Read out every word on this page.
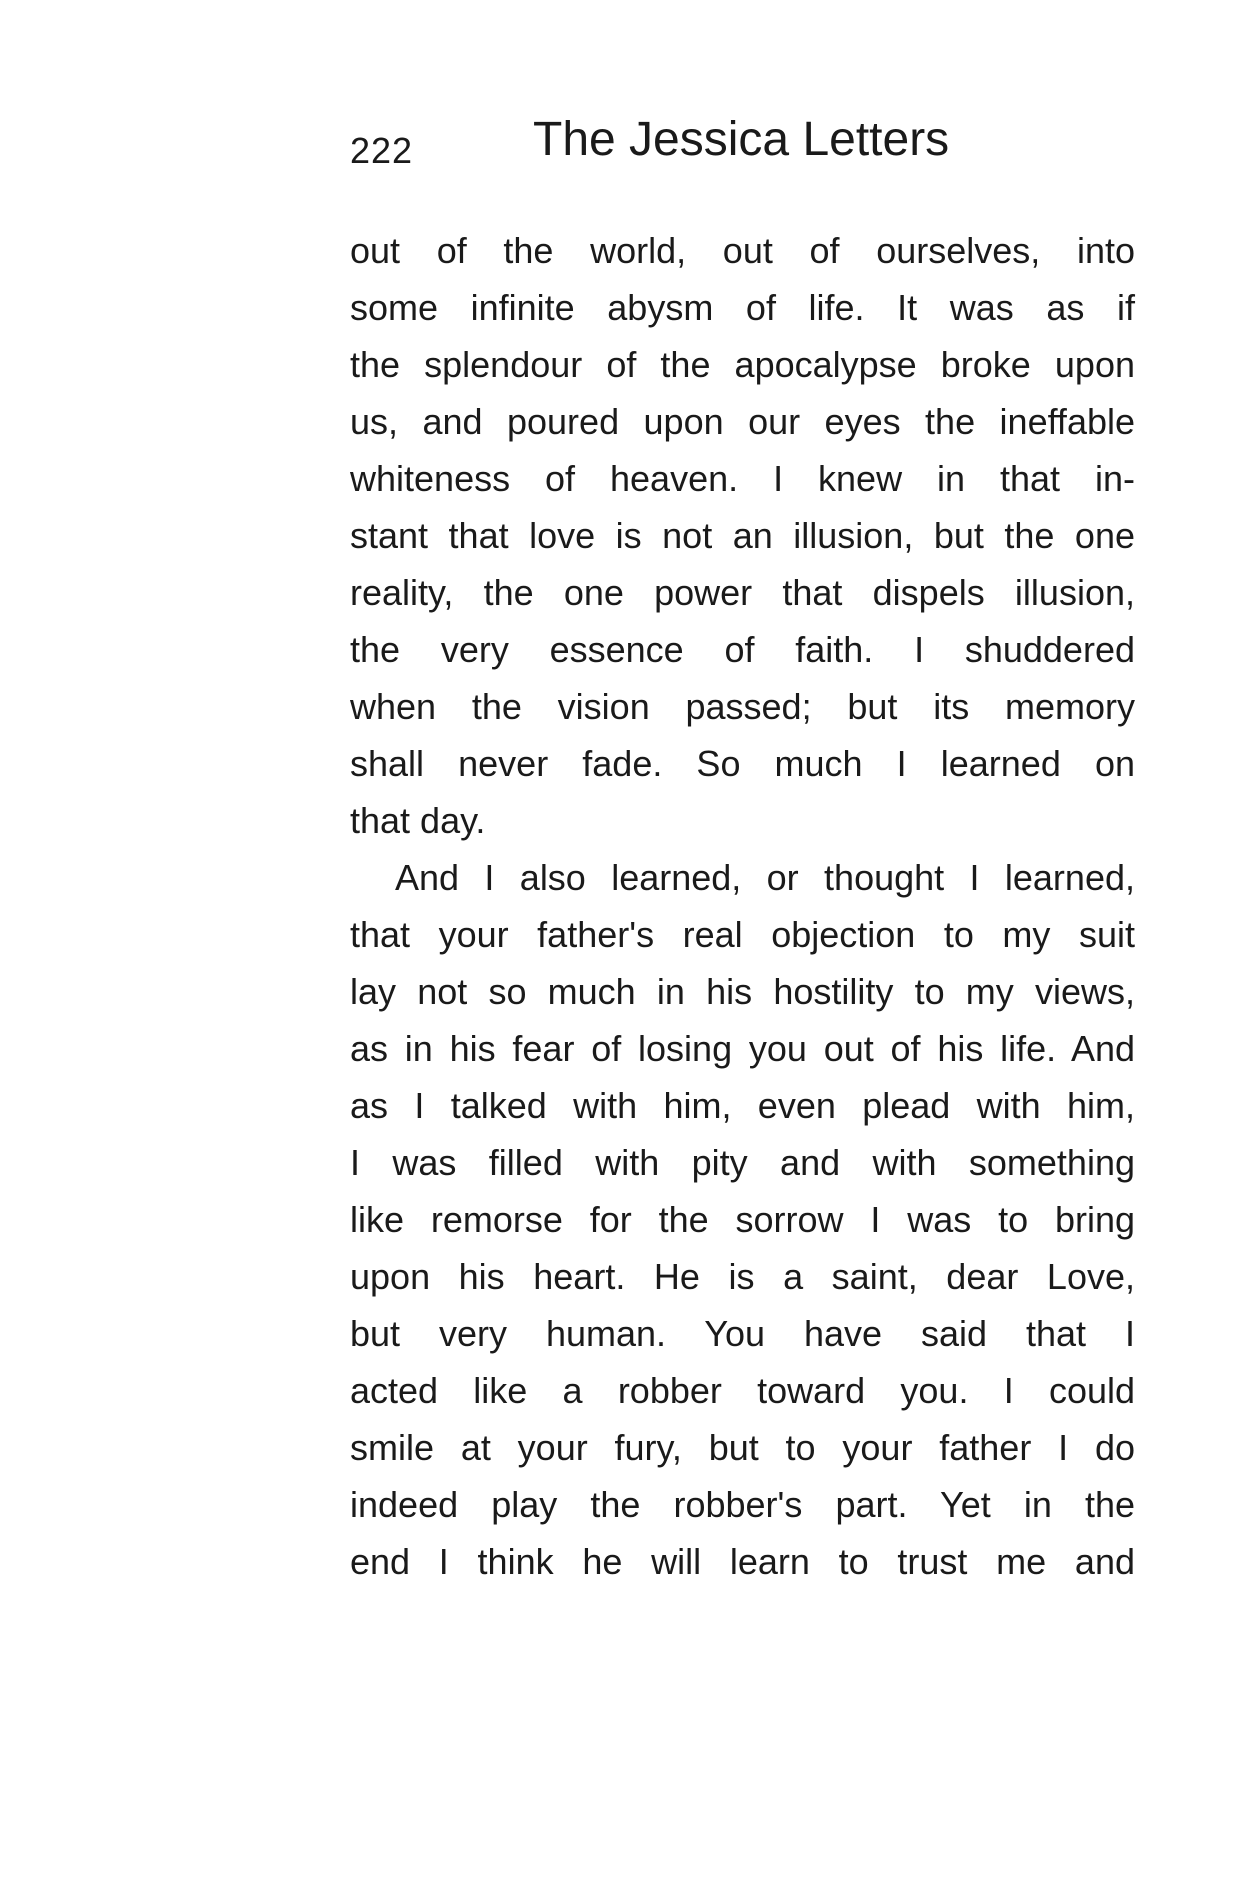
222 The Jessica Letters
out of the world, out of ourselves, into
some infinite abysm of life. It was as if
the splendour of the apocalypse broke upon
us, and poured upon our eyes the ineffable
whiteness of heaven. I knew in that in-
stant that love is not an illusion, but the one
reality, the one power that dispels illusion,
the very essence of faith. I shuddered
when the vision passed; but its memory
shall never fade. So much I learned on
that day.
And I also learned, or thought I learned,
that your father's real objection to my suit
lay not so much in his hostility to my views,
as in his fear of losing you out of his life. And
as I talked with him, even plead with him,
I was filled with pity and with something
like remorse for the sorrow I was to bring
upon his heart. He is a saint, dear Love,
but very human. You have said that I
acted like a robber toward you. I could
smile at your fury, but to your father I do
indeed play the robber's part. Yet in the
end I think he will learn to trust me and
